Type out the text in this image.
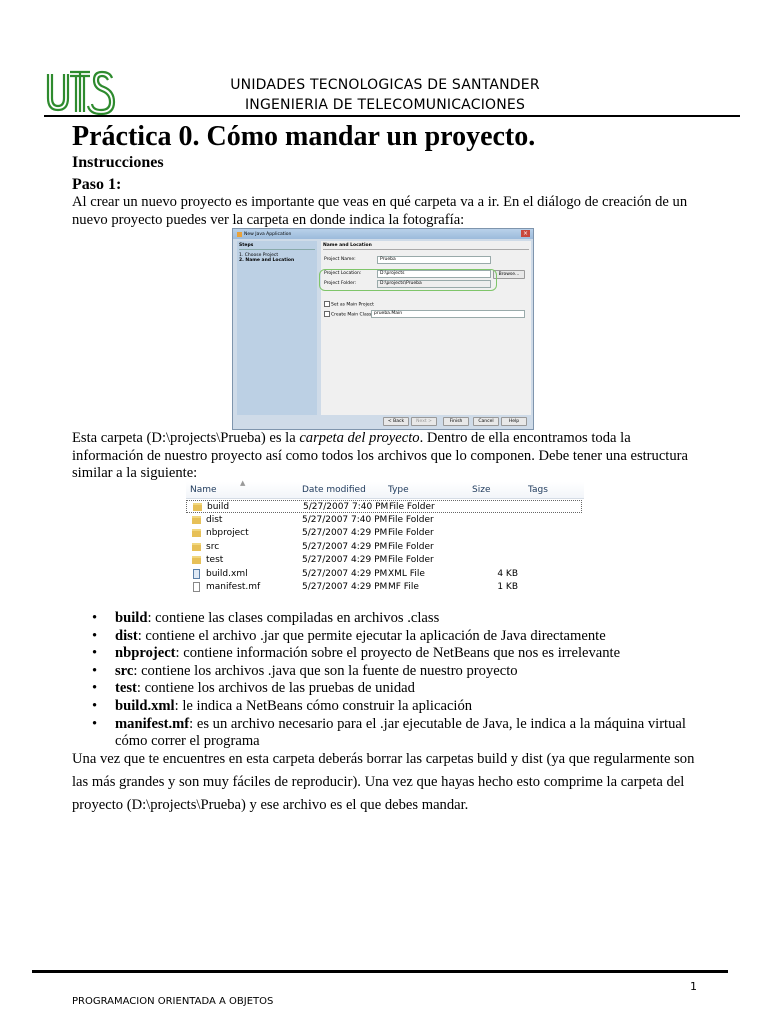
UTS
UNIDADES TECNOLOGICAS DE SANTANDER
INGENIERIA DE TELECOMUNICACIONES
Práctica 0. Cómo mandar un proyecto.
Instrucciones
Paso 1:
Al crear un nuevo proyecto es importante que veas en qué carpeta va a ir. En el diálogo de creación de un nuevo proyecto puedes ver la carpeta en donde indica la fotografía:
New Java Application	×
Steps
1. Choose Project
2. Name and Location
Name and Location
Project Name:	Prueba
Project Location:	D:\projects	Browse...
Project Folder:	D:\projects\Prueba
Set as Main Project
Create Main Class prueba.Main
< Back	Next >	Finish	Cancel	Help
Esta carpeta (D:\projects\Prueba) es la carpeta del proyecto. Dentro de ella encontramos toda la información de nuestro proyecto así como todos los archivos que lo componen. Debe tener una estructura similar a la siguiente:
▲
Name	Date modified Type	Size	Tags
build	5/27/2007 7:40 PM File Folder
dist	5/27/2007 7:40 PM File Folder
nbproject	5/27/2007 4:29 PM File Folder
src	5/27/2007 4:29 PM File Folder
test	5/27/2007 4:29 PM File Folder
build.xml	5/27/2007 4:29 PM XML File	4 KB
manifest.mf	5/27/2007 4:29 PM MF File	1 KB
• build: contiene las clases compiladas en archivos .class
• dist: contiene el archivo .jar que permite ejecutar la aplicación de Java directamente
• nbproject: contiene información sobre el proyecto de NetBeans que nos es irrelevante
• src: contiene los archivos .java que son la fuente de nuestro proyecto
• test: contiene los archivos de las pruebas de unidad
• build.xml: le indica a NetBeans cómo construir la aplicación
• manifest.mf: es un archivo necesario para el .jar ejecutable de Java, le indica a la máquina virtual cómo correr el programa
Una vez que te encuentres en esta carpeta deberás borrar las carpetas build y dist (ya que regularmente son las más grandes y son muy fáciles de reproducir). Una vez que hayas hecho esto comprime la carpeta del proyecto (D:\projects\Prueba) y ese archivo es el que debes mandar.
1
PROGRAMACION ORIENTADA A OBJETOS
